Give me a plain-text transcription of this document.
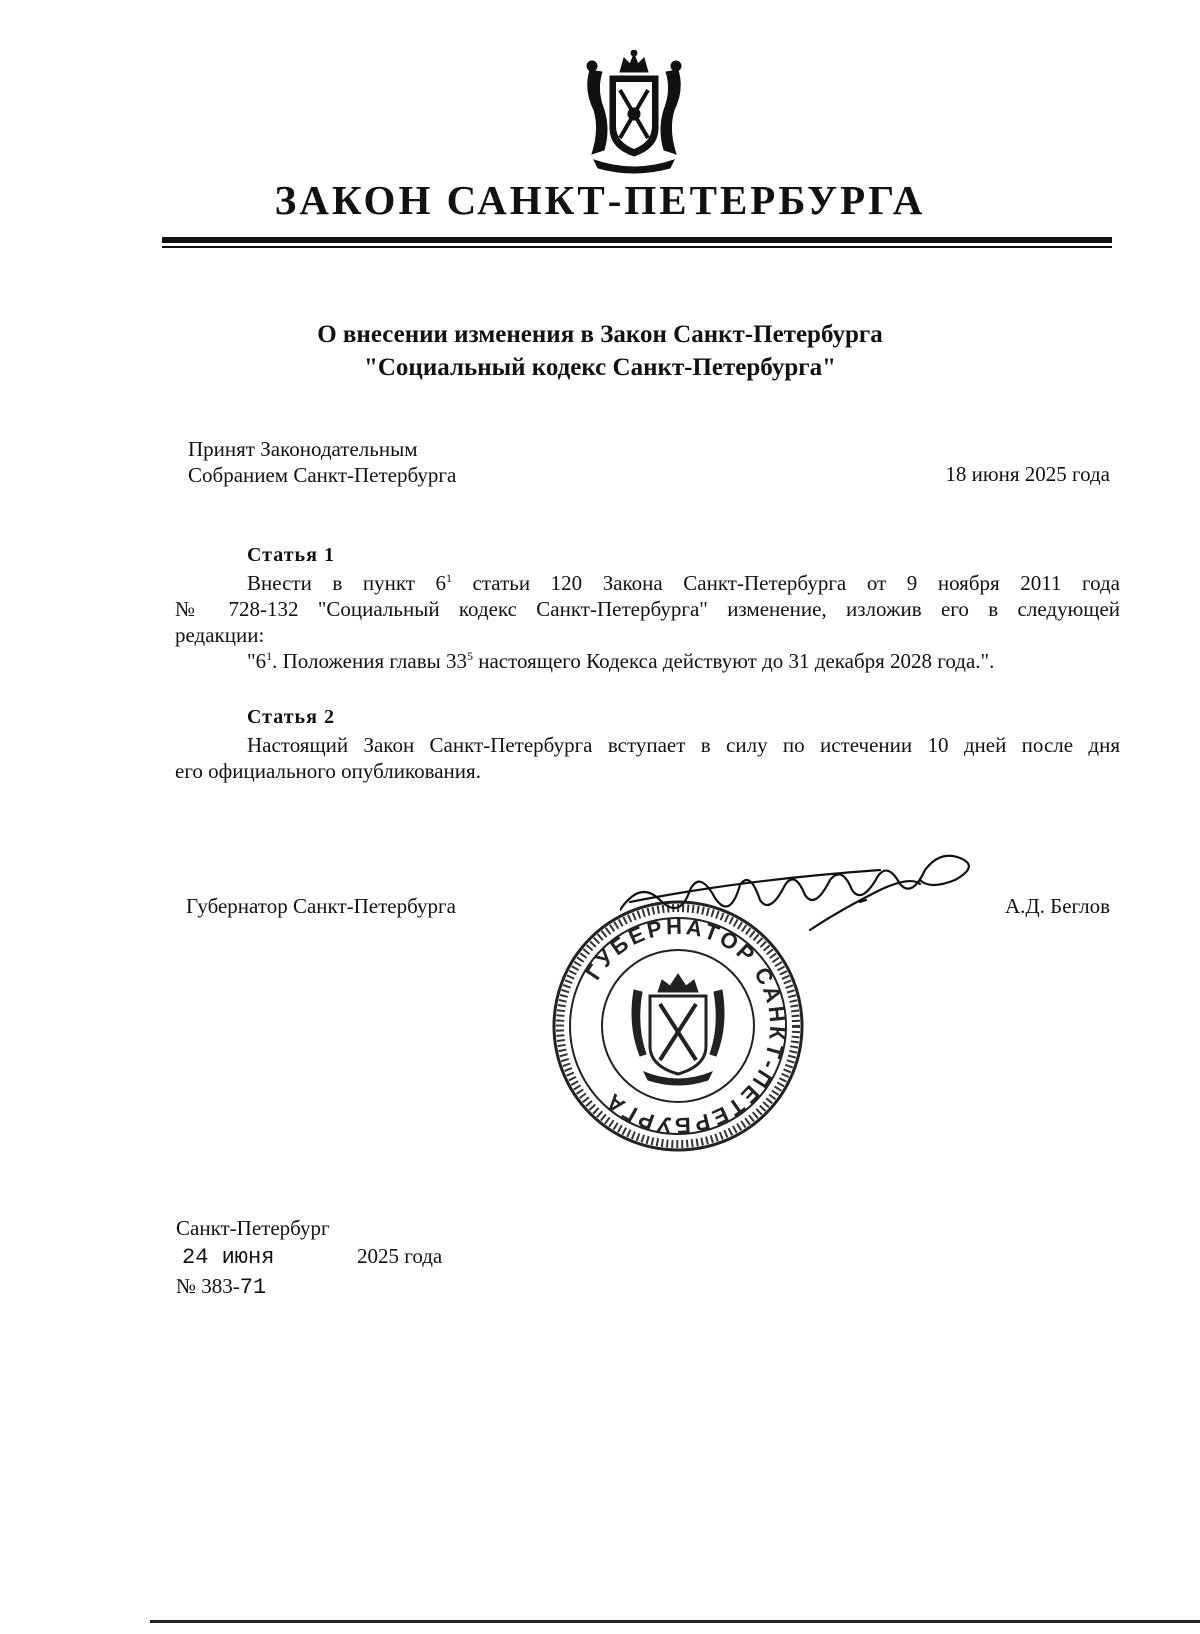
ЗАКОН САНКТ-ПЕТЕРБУРГА
О внесении изменения в Закон Санкт-Петербурга
"Социальный кодекс Санкт-Петербурга"
Принят Законодательным
Собранием Санкт-Петербурга	18 июня 2025 года
Статья 1

Внести в пункт $6^1$ статьи 120 Закона Санкт-Петербурга от 9 ноября 2011 года

№ 728-132 "Социальный кодекс Санкт-Петербурга" изменение, изложив его в следующей

редакции:

"$6^1$. Положения главы $33^5$ настоящего Кодекса действуют до 31 декабря 2028 года.".

Статья 2

Настоящий Закон Санкт-Петербурга вступает в силу по истечении 10 дней после дня

его официального опубликования.

Губернатор Санкт-Петербурга	А.Д. Беглов
ГУБЕРНАТОР САНКТ-ПЕТЕРБУРГА
Санкт-Петербург
24 июня	2025 года
№ 383-71
